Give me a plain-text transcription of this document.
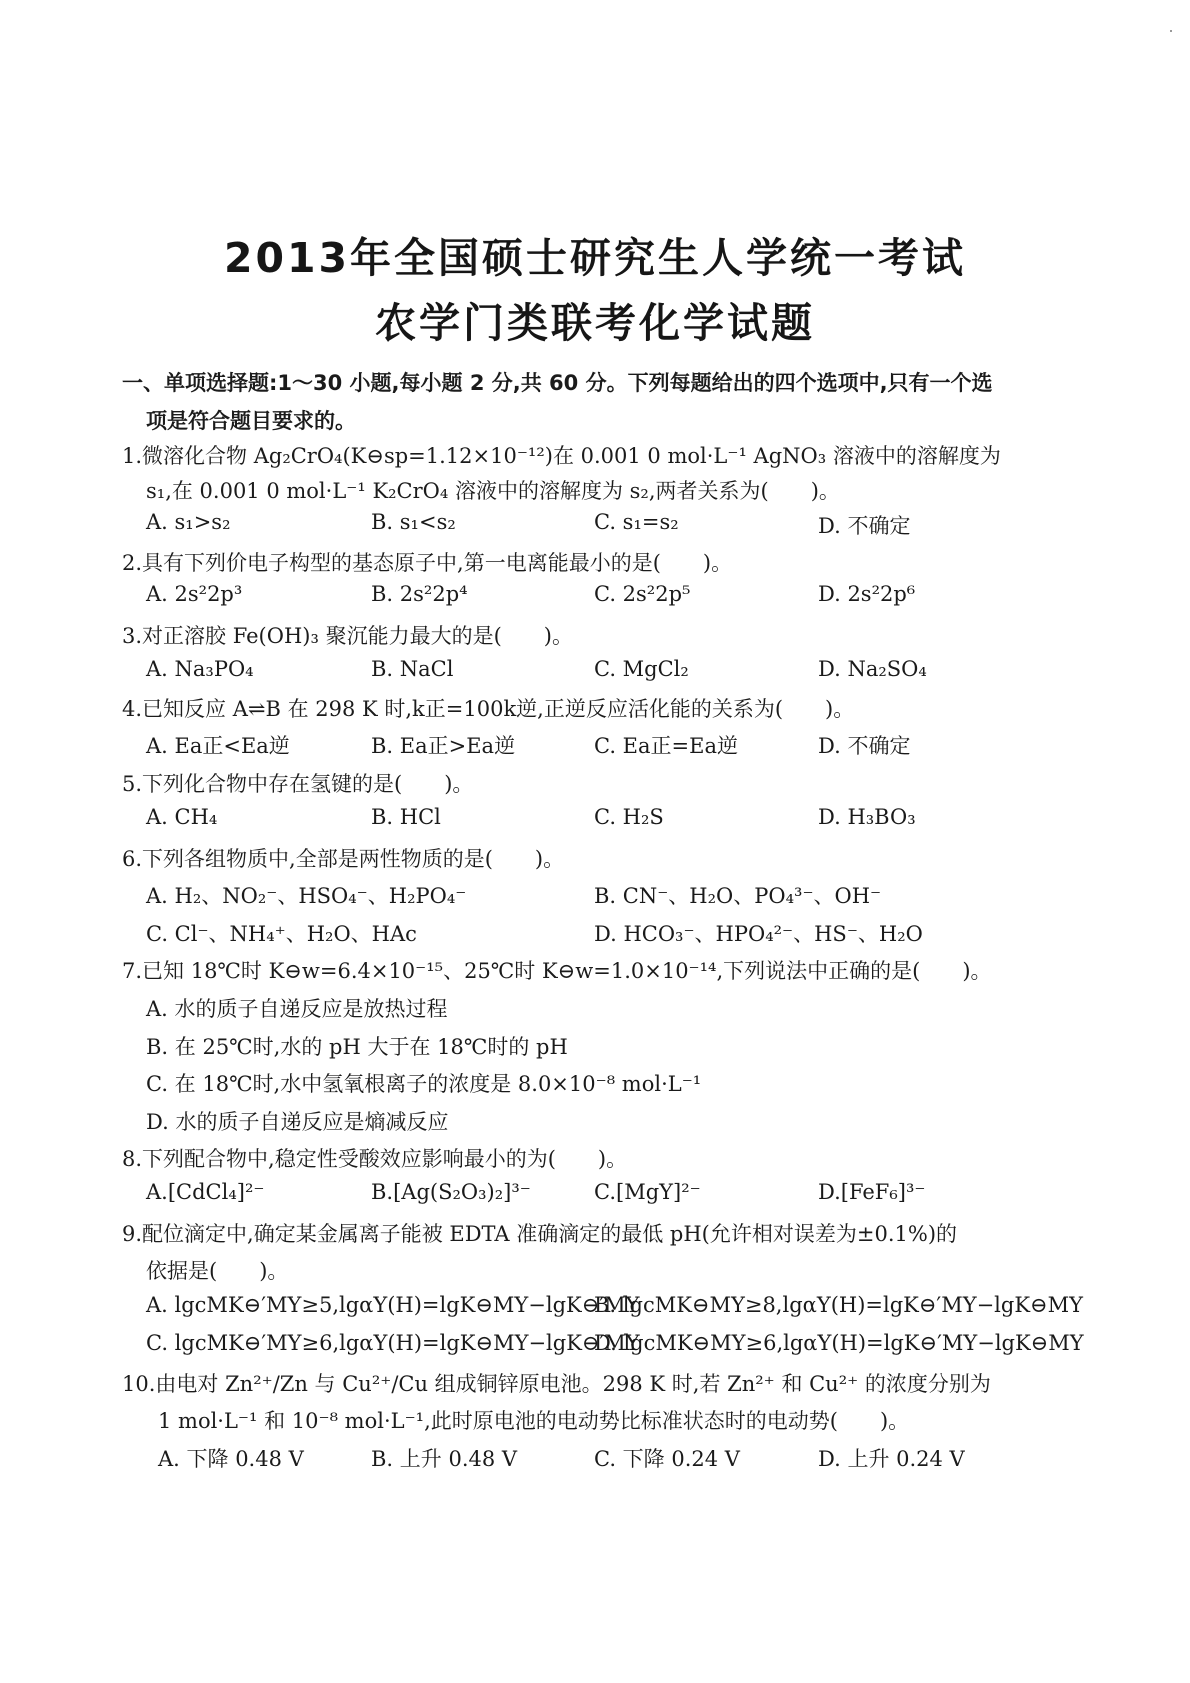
2013年全国硕士研究生人学统一考试
农学门类联考化学试题
一、单项选择题:1～30 小题,每小题 2 分,共 60 分。下列每题给出的四个选项中,只有一个选
项是符合题目要求的。
1.微溶化合物 Ag₂CrO₄(K⊖sp=1.12×10⁻¹²)在 0.001 0 mol·L⁻¹ AgNO₃ 溶液中的溶解度为
s₁,在 0.001 0 mol·L⁻¹ K₂CrO₄ 溶液中的溶解度为 s₂,两者关系为(　　)。
A. s₁>s₂	B. s₁<s₂	C. s₁=s₂	D. 不确定
2.具有下列价电子构型的基态原子中,第一电离能最小的是(　　)。
A. 2s²2p³	B. 2s²2p⁴	C. 2s²2p⁵	D. 2s²2p⁶
3.对正溶胶 Fe(OH)₃ 聚沉能力最大的是(　　)。
A. Na₃PO₄	B. NaCl	C. MgCl₂	D. Na₂SO₄
4.已知反应 A⇌B 在 298 K 时,k正=100k逆,正逆反应活化能的关系为(　　)。
A. Ea正<Ea逆	B. Ea正>Ea逆	C. Ea正=Ea逆	D. 不确定
5.下列化合物中存在氢键的是(　　)。
A. CH₄	B. HCl	C. H₂S	D. H₃BO₃
6.下列各组物质中,全部是两性物质的是(　　)。
A. H₂、NO₂⁻、HSO₄⁻、H₂PO₄⁻	B. CN⁻、H₂O、PO₄³⁻、OH⁻
C. Cl⁻、NH₄⁺、H₂O、HAc	D. HCO₃⁻、HPO₄²⁻、HS⁻、H₂O
7.已知 18℃时 K⊖w=6.4×10⁻¹⁵、25℃时 K⊖w=1.0×10⁻¹⁴,下列说法中正确的是(　　)。
A. 水的质子自递反应是放热过程
B. 在 25℃时,水的 pH 大于在 18℃时的 pH
C. 在 18℃时,水中氢氧根离子的浓度是 8.0×10⁻⁸ mol·L⁻¹
D. 水的质子自递反应是熵减反应
8.下列配合物中,稳定性受酸效应影响最小的为(　　)。
A.[CdCl₄]²⁻	B.[Ag(S₂O₃)₂]³⁻	C.[MgY]²⁻	D.[FeF₆]³⁻
9.配位滴定中,确定某金属离子能被 EDTA 准确滴定的最低 pH(允许相对误差为±0.1%)的
依据是(　　)。
A. lgcMK⊖′MY≥5,lgαY(H)=lgK⊖MY−lgK⊖′MY
B. lgcMK⊖MY≥8,lgαY(H)=lgK⊖′MY−lgK⊖MY
C. lgcMK⊖′MY≥6,lgαY(H)=lgK⊖MY−lgK⊖′MY
D. lgcMK⊖MY≥6,lgαY(H)=lgK⊖′MY−lgK⊖MY
10.由电对 Zn²⁺/Zn 与 Cu²⁺/Cu 组成铜锌原电池。298 K 时,若 Zn²⁺ 和 Cu²⁺ 的浓度分别为
1 mol·L⁻¹ 和 10⁻⁸ mol·L⁻¹,此时原电池的电动势比标准状态时的电动势(　　)。
A. 下降 0.48 V	B. 上升 0.48 V	C. 下降 0.24 V	D. 上升 0.24 V
